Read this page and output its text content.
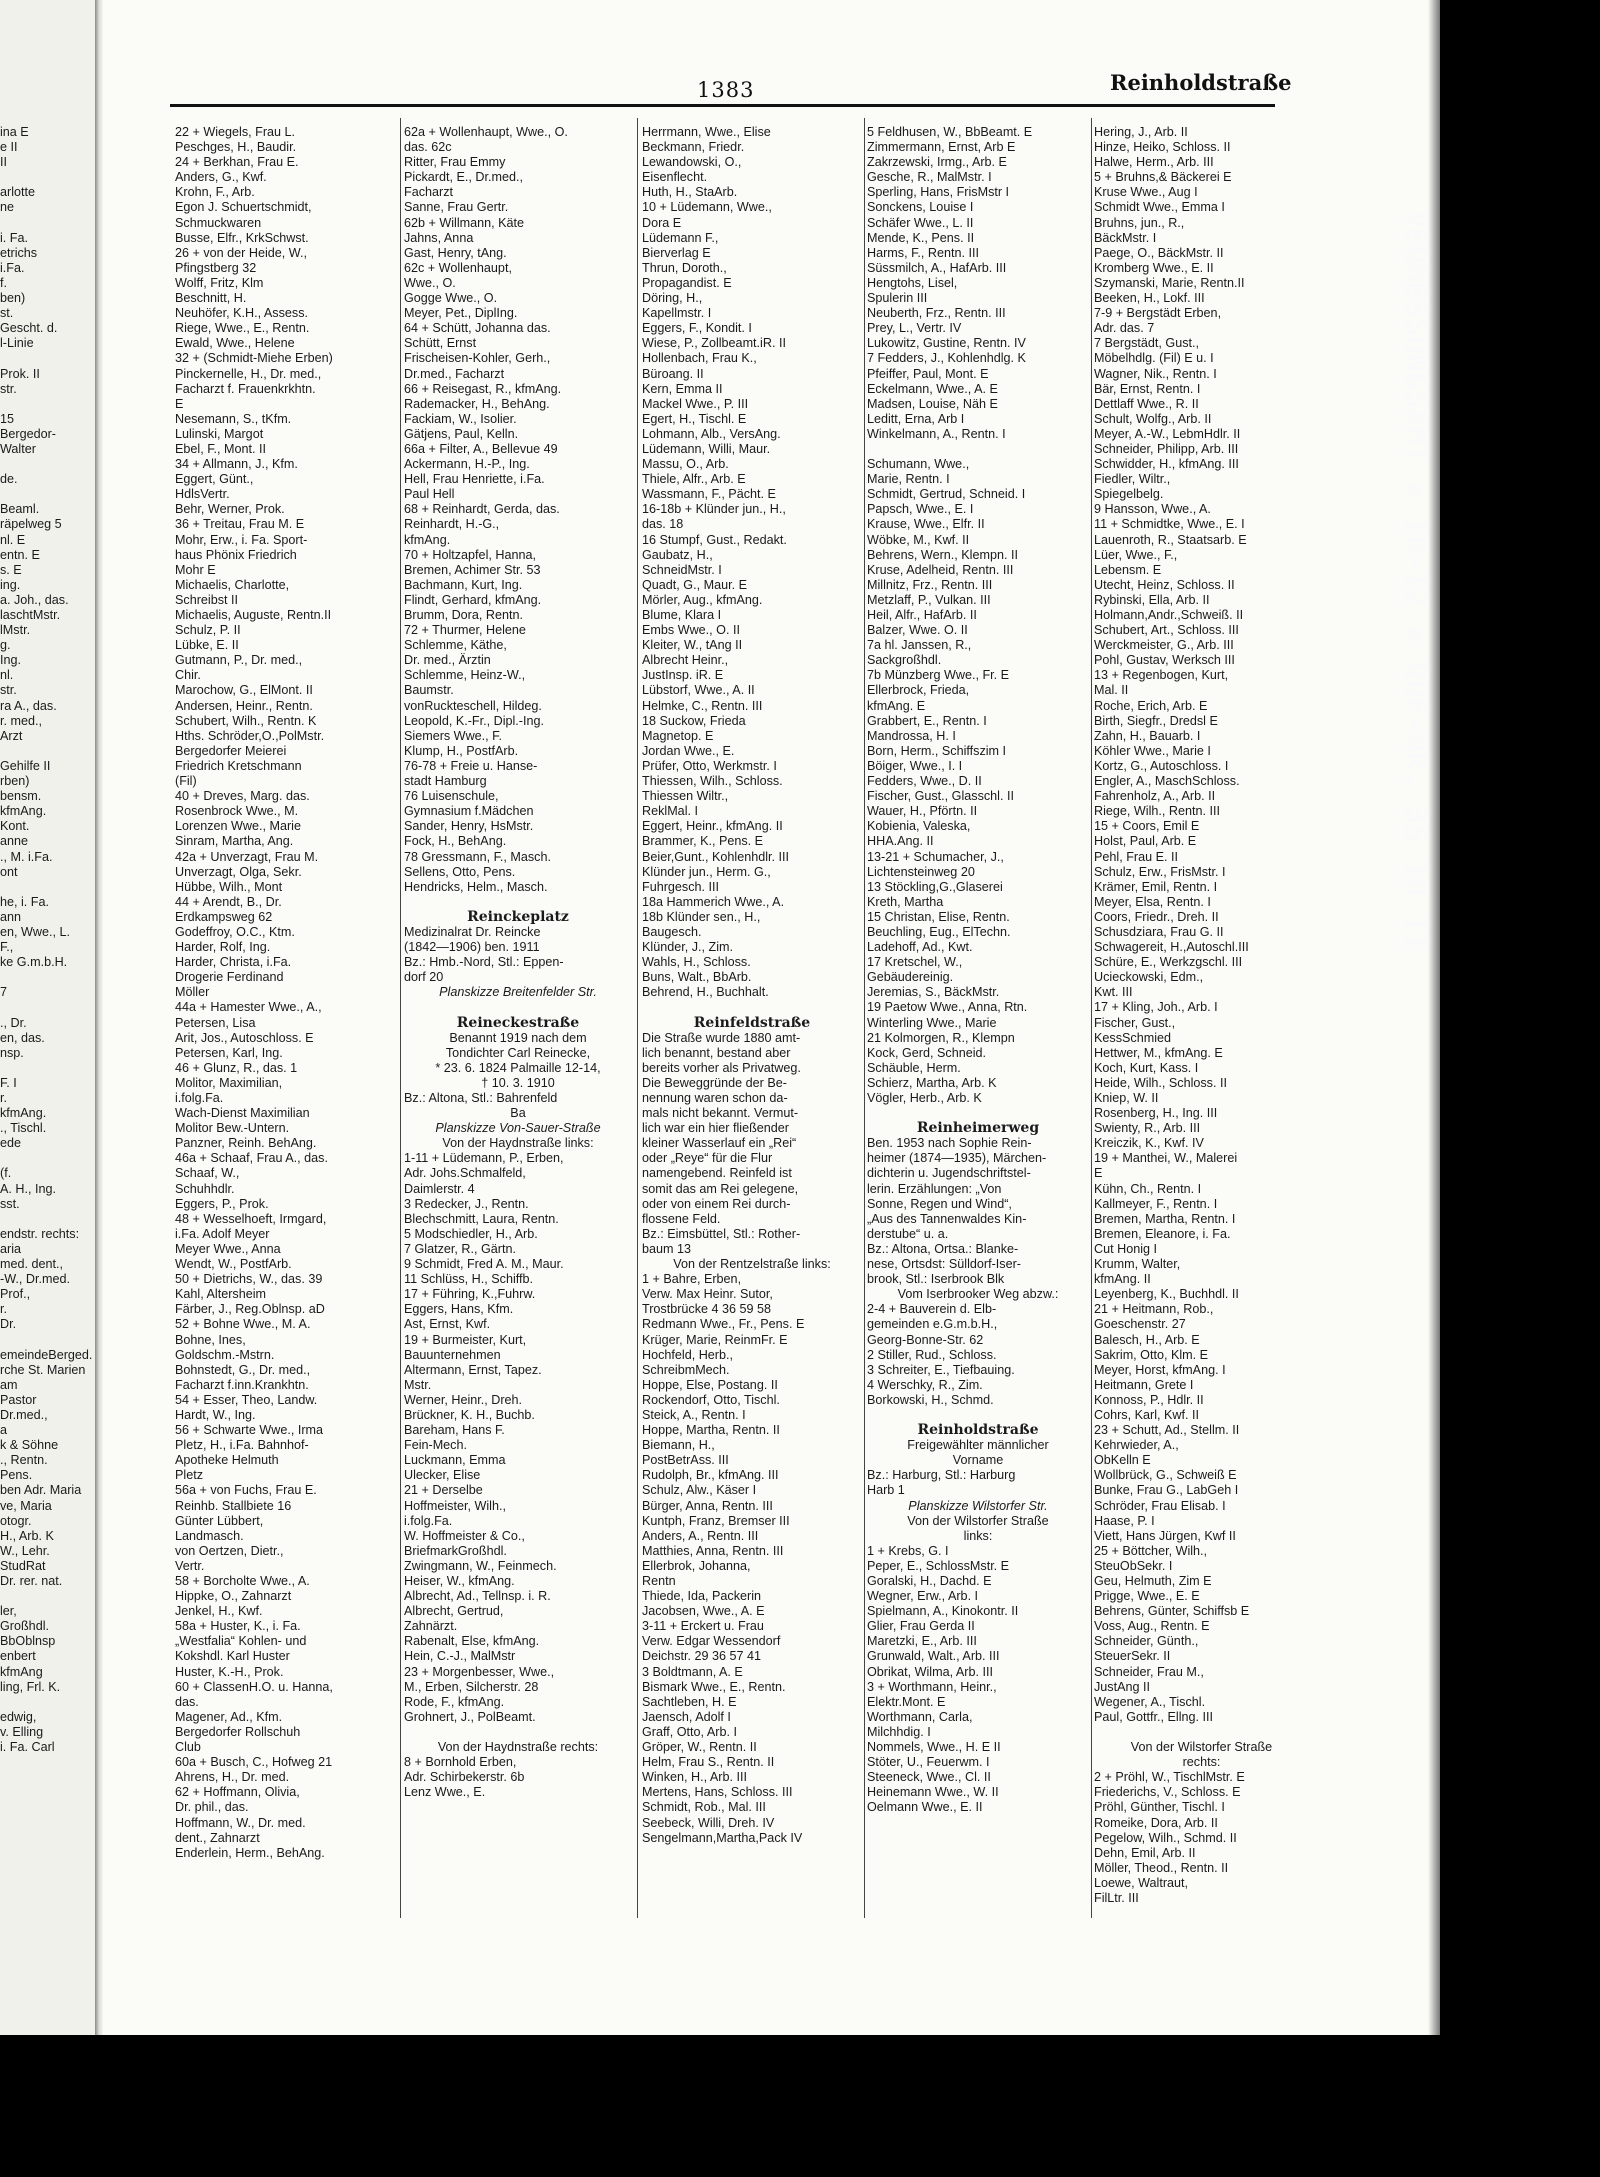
1383	Reinholdstraße
ina E
e II
II
arlotte
ne
i. Fa.
etrichs
i.Fa.
f.
ben)
st.
Gescht. d.
l-Linie
Prok. II
str.
15
Bergedor-
Walter
de.
Beaml.
räpelweg 5
nl. E
entn. E
s. E
ing.
a. Joh., das.
laschtMstr.
lMstr.
g.
Ing.
nl.
str.
ra A., das.
r. med.,
Arzt
Gehilfe II
rben)
bensm.
kfmAng.
Kont.
anne
., M. i.Fa.
ont
he, i. Fa.
ann
en, Wwe., L.
F.,
ke G.m.b.H.
7
., Dr.
en, das.
nsp.
F. I
r.
kfmAng.
., Tischl.
ede
(f.
A. H., Ing.
sst.
endstr. rechts:
aria
med. dent.,
-W., Dr.med.
Prof.,
r.
Dr.
emeindeBerged.
rche St. Marien
am
Pastor
Dr.med.,
a
k & Söhne
., Rentn.
Pens.
ben Adr. Maria
ve, Maria
otogr.
H., Arb. K
W., Lehr.
StudRat
Dr. rer. nat.
ler,
Großhdl.
BbOblnsp
enbert
kfmAng
ling, Frl. K.
edwig,
v. Elling
i. Fa. Carl
22 + Wiegels, Frau L.
Peschges, H., Baudir.
24 + Berkhan, Frau E.
Anders, G., Kwf.
Krohn, F., Arb.
Egon J. Schuertschmidt,
Schmuckwaren
Busse, Elfr., KrkSchwst.
26 + von der Heide, W.,
Pfingstberg 32
Wolff, Fritz, Klm
Beschnitt, H.
Neuhöfer, K.H., Assess.
Riege, Wwe., E., Rentn.
Ewald, Wwe., Helene
32 + (Schmidt-Miehe Erben)
Pinckernelle, H., Dr. med.,
Facharzt f. Frauenkrkhtn.
E
Nesemann, S., tKfm.
Lulinski, Margot
Ebel, F., Mont. II
34 + Allmann, J., Kfm.
Eggert, Günt.,
HdlsVertr.
Behr, Werner, Prok.
36 + Treitau, Frau M. E
Mohr, Erw., i. Fa. Sport-
haus Phönix Friedrich
Mohr E
Michaelis, Charlotte,
Schreibst II
Michaelis, Auguste, Rentn.II
Schulz, P. II
Lübke, E. II
Gutmann, P., Dr. med.,
Chir.
Marochow, G., ElMont. II
Andersen, Heinr., Rentn.
Schubert, Wilh., Rentn. K
Hths. Schröder,O.,PolMstr.
Bergedorfer Meierei
Friedrich Kretschmann
(Fil)
40 + Dreves, Marg. das.
Rosenbrock Wwe., M.
Lorenzen Wwe., Marie
Sinram, Martha, Ang.
42a + Unverzagt, Frau M.
Unverzagt, Olga, Sekr.
Hübbe, Wilh., Mont
44 + Arendt, B., Dr.
Erdkampsweg 62
Godeffroy, O.C., Ktm.
Harder, Rolf, Ing.
Harder, Christa, i.Fa.
Drogerie Ferdinand
Möller
44a + Hamester Wwe., A.,
Petersen, Lisa
Arit, Jos., Autoschloss. E
Petersen, Karl, Ing.
46 + Glunz, R., das. 1
Molitor, Maximilian,
i.folg.Fa.
Wach-Dienst Maximilian
Molitor Bew.-Untern.
Panzner, Reinh. BehAng.
46a + Schaaf, Frau A., das.
Schaaf, W.,
Schuhhdlr.
Eggers, P., Prok.
48 + Wesselhoeft, Irmgard,
i.Fa. Adolf Meyer
Meyer Wwe., Anna
Wendt, W., PostfArb.
50 + Dietrichs, W., das. 39
Kahl, Altersheim
Färber, J., Reg.Oblnsp. aD
52 + Bohne Wwe., M. A.
Bohne, Ines,
Goldschm.-Mstrn.
Bohnstedt, G., Dr. med.,
Facharzt f.inn.Krankhtn.
54 + Esser, Theo, Landw.
Hardt, W., Ing.
56 + Schwarte Wwe., Irma
Pletz, H., i.Fa. Bahnhof-
Apotheke Helmuth
Pletz
56a + von Fuchs, Frau E.
Reinhb. Stallbiete 16
Günter Lübbert,
Landmasch.
von Oertzen, Dietr.,
Vertr.
58 + Borcholte Wwe., A.
Hippke, O., Zahnarzt
Jenkel, H., Kwf.
58a + Huster, K., i. Fa.
„Westfalia“ Kohlen- und
Kokshdl. Karl Huster
Huster, K.-H., Prok.
60 + ClassenH.O. u. Hanna,
das.
Magener, Ad., Kfm.
Bergedorfer Rollschuh
Club
60a + Busch, C., Hofweg 21
Ahrens, H., Dr. med.
62 + Hoffmann, Olivia,
Dr. phil., das.
Hoffmann, W., Dr. med.
dent., Zahnarzt
Enderlein, Herm., BehAng.
62a + Wollenhaupt, Wwe., O.
das. 62c
Ritter, Frau Emmy
Pickardt, E., Dr.med.,
Facharzt
Sanne, Frau Gertr.
62b + Willmann, Käte
Jahns, Anna
Gast, Henry, tAng.
62c + Wollenhaupt,
Wwe., O.
Gogge Wwe., O.
Meyer, Pet., DiplIng.
64 + Schütt, Johanna das.
Schütt, Ernst
Frischeisen-Kohler, Gerh.,
Dr.med., Facharzt
66 + Reisegast, R., kfmAng.
Rademacker, H., BehAng.
Fackiam, W., Isolier.
Gätjens, Paul, Kelln.
66a + Filter, A., Bellevue 49
Ackermann, H.-P., Ing.
Hell, Frau Henriette, i.Fa.
Paul Hell
68 + Reinhardt, Gerda, das.
Reinhardt, H.-G.,
kfmAng.
70 + Holtzapfel, Hanna,
Bremen, Achimer Str. 53
Bachmann, Kurt, Ing.
Flindt, Gerhard, kfmAng.
Brumm, Dora, Rentn.
72 + Thurmer, Helene
Schlemme, Käthe,
Dr. med., Ärztin
Schlemme, Heinz-W.,
Baumstr.
vonRuckteschell, Hildeg.
Leopold, K.-Fr., Dipl.-Ing.
Siemers Wwe., F.
Klump, H., PostfArb.
76-78 + Freie u. Hanse-
stadt Hamburg
76 Luisenschule,
Gymnasium f.Mädchen
Sander, Henry, HsMstr.
Fock, H., BehAng.
78 Gressmann, F., Masch.
Sellens, Otto, Pens.
Hendricks, Helm., Masch.
Reinckeplatz
Medizinalrat Dr. Reincke
(1842—1906) ben. 1911
Bz.: Hmb.-Nord, Stl.: Eppen-
dorf 20
Planskizze Breitenfelder Str.
Reineckestraße
Benannt 1919 nach dem
Tondichter Carl Reinecke,
* 23. 6. 1824 Palmaille 12-14,
† 10. 3. 1910
Bz.: Altona, Stl.: Bahrenfeld
Ba
Planskizze Von-Sauer-Straße
Von der Haydnstraße links:
1-11 + Lüdemann, P., Erben,
Adr. Johs.Schmalfeld,
Daimlerstr. 4
3 Redecker, J., Rentn.
Blechschmitt, Laura, Rentn.
5 Modschiedler, H., Arb.
7 Glatzer, R., Gärtn.
9 Schmidt, Fred A. M., Maur.
11 Schlüss, H., Schiffb.
17 + Führing, K.,Fuhrw.
Eggers, Hans, Kfm.
Ast, Ernst, Kwf.
19 + Burmeister, Kurt,
Bauunternehmen
Altermann, Ernst, Tapez.
Mstr.
Werner, Heinr., Dreh.
Brückner, K. H., Buchb.
Bareham, Hans F.
Fein-Mech.
Luckmann, Emma
Ulecker, Elise
21 + Derselbe
Hoffmeister, Wilh.,
i.folg.Fa.
W. Hoffmeister & Co.,
BriefmarkGroßhdl.
Zwingmann, W., Feinmech.
Heiser, W., kfmAng.
Albrecht, Ad., Tellnsp. i. R.
Albrecht, Gertrud,
Zahnärzt.
Rabenalt, Else, kfmAng.
Hein, C.-J., MalMstr
23 + Morgenbesser, Wwe.,
M., Erben, Silcherstr. 28
Rode, F., kfmAng.
Grohnert, J., PolBeamt.
Von der Haydnstraße rechts:
8 + Bornhold Erben,
Adr. Schirbekerstr. 6b
Lenz Wwe., E.
Herrmann, Wwe., Elise
Beckmann, Friedr.
Lewandowski, O.,
Eisenflecht.
Huth, H., StaArb.
10 + Lüdemann, Wwe.,
Dora E
Lüdemann F.,
Bierverlag E
Thrun, Doroth.,
Propagandist. E
Döring, H.,
Kapellmstr. I
Eggers, F., Kondit. I
Wiese, P., Zollbeamt.iR. II
Hollenbach, Frau K.,
Büroang. II
Kern, Emma II
Mackel Wwe., P. III
Egert, H., Tischl. E
Lohmann, Alb., VersAng.
Lüdemann, Willi, Maur.
Massu, O., Arb.
Thiele, Alfr., Arb. E
Wassmann, F., Pächt. E
16-18b + Klünder jun., H.,
das. 18
16 Stumpf, Gust., Redakt.
Gaubatz, H.,
SchneidMstr. I
Quadt, G., Maur. E
Mörler, Aug., kfmAng.
Blume, Klara I
Embs Wwe., O. II
Kleiter, W., tAng II
Albrecht Heinr.,
JustInsp. iR. E
Lübstorf, Wwe., A. II
Helmke, C., Rentn. III
18 Suckow, Frieda
Magnetop. E
Jordan Wwe., E.
Prüfer, Otto, Werkmstr. I
Thiessen, Wilh., Schloss.
Thiessen Wiltr.,
ReklMal. I
Eggert, Heinr., kfmAng. II
Brammer, K., Pens. E
Beier,Gunt., Kohlenhdlr. III
Klünder jun., Herm. G.,
Fuhrgesch. III
18a Hammerich Wwe., A.
18b Klünder sen., H.,
Baugesch.
Klünder, J., Zim.
Wahls, H., Schloss.
Buns, Walt., BbArb.
Behrend, H., Buchhalt.
Reinfeldstraße
Die Straße wurde 1880 amt-
lich benannt, bestand aber
bereits vorher als Privatweg.
Die Beweggründe der Be-
nennung waren schon da-
mals nicht bekannt. Vermut-
lich war ein hier fließender
kleiner Wasserlauf ein „Rei“
oder „Reye“ für die Flur
namengebend. Reinfeld ist
somit das am Rei gelegene,
oder von einem Rei durch-
flossene Feld.
Bz.: Eimsbüttel, Stl.: Rother-
baum 13
Von der Rentzelstraße links:
1 + Bahre, Erben,
Verw. Max Heinr. Sutor,
Trostbrücke 4 36 59 58
Redmann Wwe., Fr., Pens. E
Krüger, Marie, ReinmFr. E
Hochfeld, Herb.,
SchreibmMech.
Hoppe, Else, Postang. II
Rockendorf, Otto, Tischl.
Steick, A., Rentn. I
Hoppe, Martha, Rentn. II
Biemann, H.,
PostBetrAss. III
Rudolph, Br., kfmAng. III
Schulz, Alw., Käser I
Bürger, Anna, Rentn. III
Kuntph, Franz, Bremser III
Anders, A., Rentn. III
Matthies, Anna, Rentn. III
Ellerbrok, Johanna,
Rentn
Thiede, Ida, Packerin
Jacobsen, Wwe., A. E
3-11 + Erckert u. Frau
Verw. Edgar Wessendorf
Deichstr. 29 36 57 41
3 Boldtmann, A. E
Bismark Wwe., E., Rentn.
Sachtleben, H. E
Jaensch, Adolf I
Graff, Otto, Arb. I
Gröper, W., Rentn. II
Helm, Frau S., Rentn. II
Winken, H., Arb. III
Mertens, Hans, Schloss. III
Schmidt, Rob., Mal. III
Seebeck, Willi, Dreh. IV
Sengelmann,Martha,Pack IV
5 Feldhusen, W., BbBeamt. E
Zimmermann, Ernst, Arb E
Zakrzewski, Irmg., Arb. E
Gesche, R., MalMstr. I
Sperling, Hans, FrisMstr I
Sonckens, Louise I
Schäfer Wwe., L. II
Mende, K., Pens. II
Harms, F., Rentn. III
Süssmilch, A., HafArb. III
Hengtohs, Lisel,
Spulerin III
Neuberth, Frz., Rentn. III
Prey, L., Vertr. IV
Lukowitz, Gustine, Rentn. IV
7 Fedders, J., Kohlenhdlg. K
Pfeiffer, Paul, Mont. E
Eckelmann, Wwe., A. E
Madsen, Louise, Näh E
Leditt, Erna, Arb I
Winkelmann, A., Rentn. I
Schumann, Wwe.,
Marie, Rentn. I
Schmidt, Gertrud, Schneid. I
Papsch, Wwe., E. I
Krause, Wwe., Elfr. II
Wöbke, M., Kwf. II
Behrens, Wern., Klempn. II
Kruse, Adelheid, Rentn. III
Millnitz, Frz., Rentn. III
Metzlaff, P., Vulkan. III
Heil, Alfr., HafArb. II
Balzer, Wwe. O. II
7a hl. Janssen, R.,
Sackgroßhdl.
7b Münzberg Wwe., Fr. E
Ellerbrock, Frieda,
kfmAng. E
Grabbert, E., Rentn. I
Mandrossa, H. I
Born, Herm., Schiffszim I
Böiger, Wwe., I. I
Fedders, Wwe., D. II
Fischer, Gust., Glasschl. II
Wauer, H., Pförtn. II
Kobienia, Valeska,
HHA.Ang. II
13-21 + Schumacher, J.,
Lichtensteinweg 20
13 Stöckling,G.,Glaserei
Kreth, Martha
15 Christan, Elise, Rentn.
Beuchling, Eug., ElTechn.
Ladehoff, Ad., Kwt.
17 Kretschel, W.,
Gebäudereinig.
Jeremias, S., BäckMstr.
19 Paetow Wwe., Anna, Rtn.
Winterling Wwe., Marie
21 Kolmorgen, R., Klempn
Kock, Gerd, Schneid.
Schäuble, Herm.
Schierz, Martha, Arb. K
Vögler, Herb., Arb. K
Reinheimerweg
Ben. 1953 nach Sophie Rein-
heimer (1874—1935), Märchen-
dichterin u. Jugendschriftstel-
lerin. Erzählungen: „Von
Sonne, Regen und Wind“,
„Aus des Tannenwaldes Kin-
derstube“ u. a.
Bz.: Altona, Ortsa.: Blanke-
nese, Ortsdst: Sülldorf-Iser-
brook, Stl.: Iserbrook Blk
Vom Iserbrooker Weg abzw.:
2-4 + Bauverein d. Elb-
gemeinden e.G.m.b.H.,
Georg-Bonne-Str. 62
2 Stiller, Rud., Schloss.
3 Schreiter, E., Tiefbauing.
4 Werschky, R., Zim.
Borkowski, H., Schmd.
Reinholdstraße
Freigewählter männlicher
Vorname
Bz.: Harburg, Stl.: Harburg
Harb 1
Planskizze Wilstorfer Str.
Von der Wilstorfer Straße
links:
1 + Krebs, G. I
Peper, E., SchlossMstr. E
Goralski, H., Dachd. E
Wegner, Erw., Arb. I
Spielmann, A., Kinokontr. II
Glier, Frau Gerda II
Maretzki, E., Arb. III
Grunwald, Walt., Arb. III
Obrikat, Wilma, Arb. III
3 + Worthmann, Heinr.,
Elektr.Mont. E
Worthmann, Carla,
Milchhdig. I
Nommels, Wwe., H. E II
Stöter, U., Feuerwm. I
Steeneck, Wwe., Cl. II
Heinemann Wwe., W. II
Oelmann Wwe., E. II
Hering, J., Arb. II
Hinze, Heiko, Schloss. II
Halwe, Herm., Arb. III
5 + Bruhns,& Bäckerei E
Kruse Wwe., Aug I
Schmidt Wwe., Emma I
Bruhns, jun., R.,
BäckMstr. I
Paege, O., BäckMstr. II
Kromberg Wwe., E. II
Szymanski, Marie, Rentn.II
Beeken, H., Lokf. III
7-9 + Bergstädt Erben,
Adr. das. 7
7 Bergstädt, Gust.,
Möbelhdlg. (Fil) E u. I
Wagner, Nik., Rentn. I
Bär, Ernst, Rentn. I
Dettlaff Wwe., R. II
Schult, Wolfg., Arb. II
Meyer, A.-W., LebmHdlr. II
Schneider, Philipp, Arb. III
Schwidder, H., kfmAng. III
Fiedler, Wiltr.,
Spiegelbelg.
9 Hansson, Wwe., A.
11 + Schmidtke, Wwe., E. I
Lauenroth, R., Staatsarb. E
Lüer, Wwe., F.,
Lebensm. E
Utecht, Heinz, Schloss. II
Rybinski, Ella, Arb. II
Holmann,Andr.,Schweiß. II
Schubert, Art., Schloss. III
Werckmeister, G., Arb. III
Pohl, Gustav, Werksch III
13 + Regenbogen, Kurt,
Mal. II
Roche, Erich, Arb. E
Birth, Siegfr., Dredsl E
Zahn, H., Bauarb. I
Köhler Wwe., Marie I
Kortz, G., Autoschloss. I
Engler, A., MaschSchloss.
Fahrenholz, A., Arb. II
Riege, Wilh., Rentn. III
15 + Coors, Emil E
Holst, Paul, Arb. E
Pehl, Frau E. II
Schulz, Erw., FrisMstr. I
Krämer, Emil, Rentn. I
Meyer, Elsa, Rentn. I
Coors, Friedr., Dreh. II
Schusdziara, Frau G. II
Schwagereit, H.,Autoschl.III
Schüre, E., Werkzgschl. III
Ucieckowski, Edm.,
Kwt. III
17 + Kling, Joh., Arb. I
Fischer, Gust.,
KessSchmied
Hettwer, M., kfmAng. E
Koch, Kurt, Kass. I
Heide, Wilh., Schloss. II
Kniep, W. II
Rosenberg, H., Ing. III
Swienty, R., Arb. III
Kreiczik, K., Kwf. IV
19 + Manthei, W., Malerei
E
Kühn, Ch., Rentn. I
Kallmeyer, F., Rentn. I
Bremen, Martha, Rentn. I
Bremen, Eleanore, i. Fa.
Cut Honig I
Krumm, Walter,
kfmAng. II
Leyenberg, K., Buchhdl. II
21 + Heitmann, Rob.,
Goeschenstr. 27
Balesch, H., Arb. E
Sakrim, Otto, Klm. E
Meyer, Horst, kfmAng. I
Heitmann, Grete I
Konnoss, P., Hdlr. II
Cohrs, Karl, Kwf. II
23 + Schutt, Ad., Stellm. II
Kehrwieder, A.,
ObKelln E
Wollbrück, G., Schweiß E
Bunke, Frau G., LabGeh I
Schröder, Frau Elisab. I
Haase, P. I
Viett, Hans Jürgen, Kwf II
25 + Böttcher, Wilh.,
SteuObSekr. I
Geu, Helmuth, Zim E
Prigge, Wwe., E. E
Behrens, Günter, Schiffsb E
Voss, Aug., Rentn. E
Schneider, Günth.,
SteuerSekr. II
Schneider, Frau M.,
JustAng II
Wegener, A., Tischl.
Paul, Gottfr., Ellng. III
Von der Wilstorfer Straße
rechts:
2 + Pröhl, W., TischlMstr. E
Friederichs, V., Schloss. E
Pröhl, Günther, Tischl. I
Romeike, Dora, Arb. II
Pegelow, Wilh., Schmd. II
Dehn, Emil, Arb. II
Möller, Theod., Rentn. II
Loewe, Waltraut,
FilLtr. III
VERMESSUNGSAMT ◆ 10-12 ◆ RUF-NR. 35 10 11
